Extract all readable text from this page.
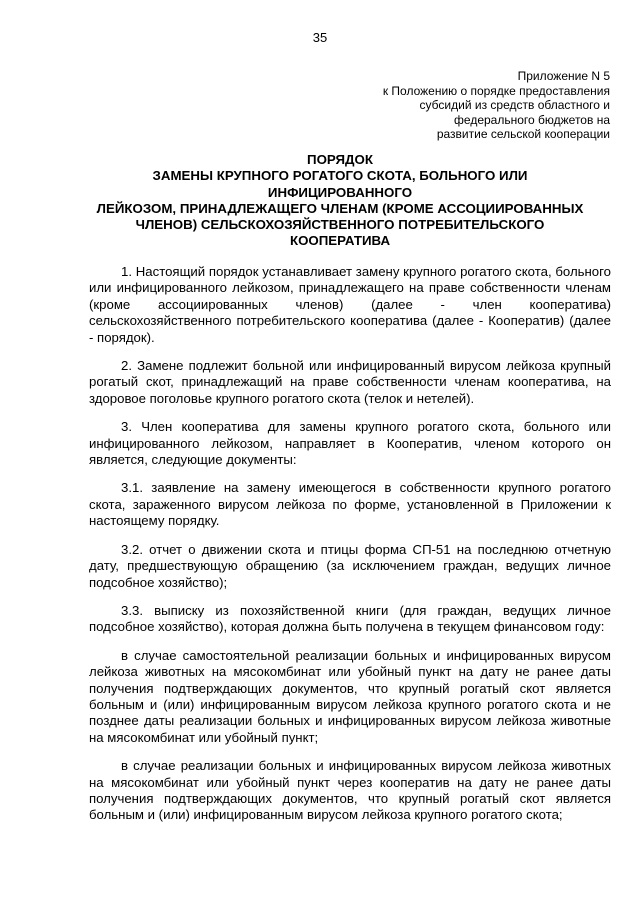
35
Приложение N 5
к Положению о порядке предоставления
субсидий из средств областного и
федерального бюджетов на
развитие сельской кооперации
ПОРЯДОК
ЗАМЕНЫ КРУПНОГО РОГАТОГО СКОТА, БОЛЬНОГО ИЛИ
ИНФИЦИРОВАННОГО
ЛЕЙКОЗОМ, ПРИНАДЛЕЖАЩЕГО ЧЛЕНАМ (КРОМЕ АССОЦИИРОВАННЫХ
ЧЛЕНОВ) СЕЛЬСКОХОЗЯЙСТВЕННОГО ПОТРЕБИТЕЛЬСКОГО
КООПЕРАТИВА

1. Настоящий порядок устанавливает замену крупного рогатого скота, больного или инфицированного лейкозом, принадлежащего на праве собственности членам (кроме ассоциированных членов) (далее - член кооператива) сельскохозяйственного потребительского кооператива (далее - Кооператив) (далее - порядок).

2. Замене подлежит больной или инфицированный вирусом лейкоза крупный рогатый скот, принадлежащий на праве собственности членам кооператива, на здоровое поголовье крупного рогатого скота (телок и нетелей).

3. Член кооператива для замены крупного рогатого скота, больного или инфицированного лейкозом, направляет в Кооператив, членом которого он является, следующие документы:

3.1. заявление на замену имеющегося в собственности крупного рогатого скота, зараженного вирусом лейкоза по форме, установленной в Приложении к настоящему порядку.

3.2. отчет о движении скота и птицы форма СП-51 на последнюю отчетную дату, предшествующую обращению (за исключением граждан, ведущих личное подсобное хозяйство);

3.3. выписку из похозяйственной книги (для граждан, ведущих личное подсобное хозяйство), которая должна быть получена в текущем финансовом году:

в случае самостоятельной реализации больных и инфицированных вирусом лейкоза животных на мясокомбинат или убойный пункт на дату не ранее даты получения подтверждающих документов, что крупный рогатый скот является больным и (или) инфицированным вирусом лейкоза крупного рогатого скота и не позднее даты реализации больных и инфицированных вирусом лейкоза животные на мясокомбинат или убойный пункт;

в случае реализации больных и инфицированных вирусом лейкоза животных на мясокомбинат или убойный пункт через кооператив на дату не ранее даты получения подтверждающих документов, что крупный рогатый скот является больным и (или) инфицированным вирусом лейкоза крупного рогатого скота;
